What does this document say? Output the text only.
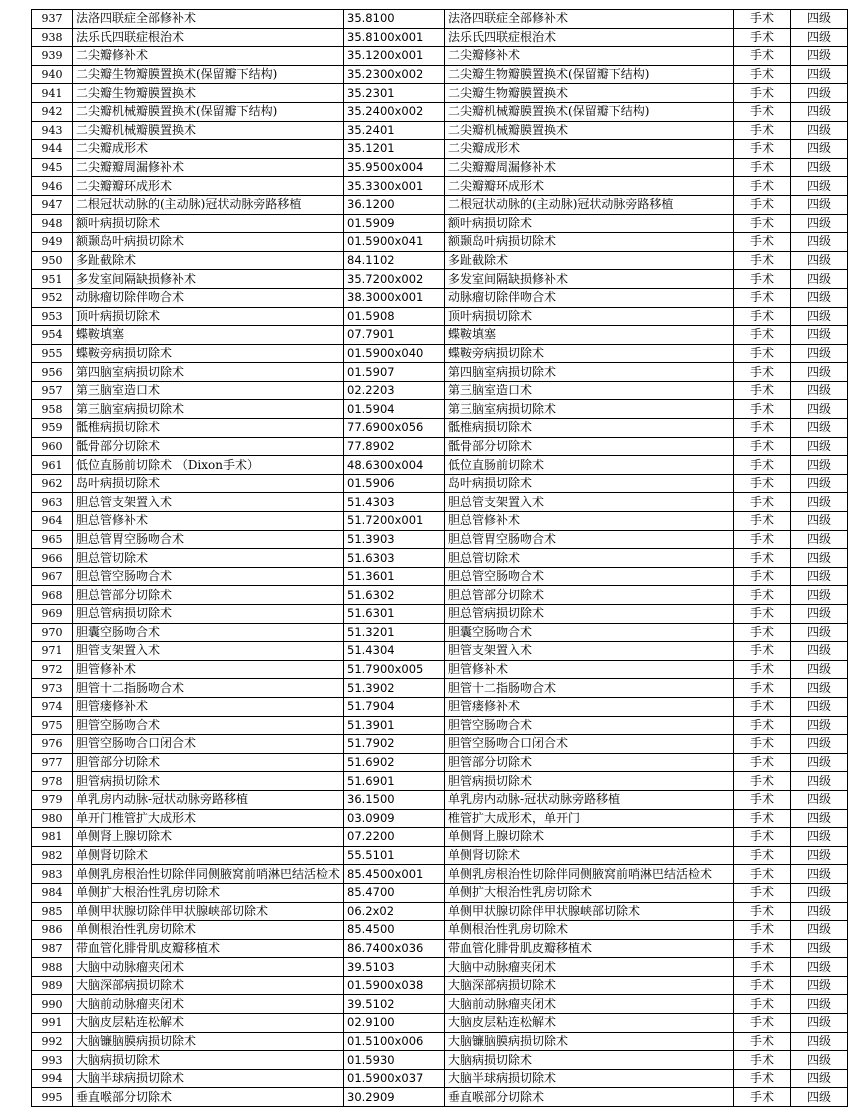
937	法洛四联症全部修补术	35.8100	法洛四联症全部修补术	手术	四级
938	法乐氏四联症根治术	35.8100x001	法乐氏四联症根治术	手术	四级
939	二尖瓣修补术	35.1200x001	二尖瓣修补术	手术	四级
940	二尖瓣生物瓣膜置换术(保留瓣下结构)	35.2300x002	二尖瓣生物瓣膜置换术(保留瓣下结构)	手术	四级
941	二尖瓣生物瓣膜置换术	35.2301	二尖瓣生物瓣膜置换术	手术	四级
942	二尖瓣机械瓣膜置换术(保留瓣下结构)	35.2400x002	二尖瓣机械瓣膜置换术(保留瓣下结构)	手术	四级
943	二尖瓣机械瓣膜置换术	35.2401	二尖瓣机械瓣膜置换术	手术	四级
944	二尖瓣成形术	35.1201	二尖瓣成形术	手术	四级
945	二尖瓣瓣周漏修补术	35.9500x004	二尖瓣瓣周漏修补术	手术	四级
946	二尖瓣瓣环成形术	35.3300x001	二尖瓣瓣环成形术	手术	四级
947	二根冠状动脉的(主动脉)冠状动脉旁路移植	36.1200	二根冠状动脉的(主动脉)冠状动脉旁路移植	手术	四级
948	额叶病损切除术	01.5909	额叶病损切除术	手术	四级
949	额颞岛叶病损切除术	01.5900x041	额颞岛叶病损切除术	手术	四级
950	多趾截除术	84.1102	多趾截除术	手术	四级
951	多发室间隔缺损修补术	35.7200x002	多发室间隔缺损修补术	手术	四级
952	动脉瘤切除伴吻合术	38.3000x001	动脉瘤切除伴吻合术	手术	四级
953	顶叶病损切除术	01.5908	顶叶病损切除术	手术	四级
954	蝶鞍填塞	07.7901	蝶鞍填塞	手术	四级
955	蝶鞍旁病损切除术	01.5900x040	蝶鞍旁病损切除术	手术	四级
956	第四脑室病损切除术	01.5907	第四脑室病损切除术	手术	四级
957	第三脑室造口术	02.2203	第三脑室造口术	手术	四级
958	第三脑室病损切除术	01.5904	第三脑室病损切除术	手术	四级
959	骶椎病损切除术	77.6900x056	骶椎病损切除术	手术	四级
960	骶骨部分切除术	77.8902	骶骨部分切除术	手术	四级
961	低位直肠前切除术 （Dixon手术）	48.6300x004	低位直肠前切除术	手术	四级
962	岛叶病损切除术	01.5906	岛叶病损切除术	手术	四级
963	胆总管支架置入术	51.4303	胆总管支架置入术	手术	四级
964	胆总管修补术	51.7200x001	胆总管修补术	手术	四级
965	胆总管胃空肠吻合术	51.3903	胆总管胃空肠吻合术	手术	四级
966	胆总管切除术	51.6303	胆总管切除术	手术	四级
967	胆总管空肠吻合术	51.3601	胆总管空肠吻合术	手术	四级
968	胆总管部分切除术	51.6302	胆总管部分切除术	手术	四级
969	胆总管病损切除术	51.6301	胆总管病损切除术	手术	四级
970	胆囊空肠吻合术	51.3201	胆囊空肠吻合术	手术	四级
971	胆管支架置入术	51.4304	胆管支架置入术	手术	四级
972	胆管修补术	51.7900x005	胆管修补术	手术	四级
973	胆管十二指肠吻合术	51.3902	胆管十二指肠吻合术	手术	四级
974	胆管瘘修补术	51.7904	胆管瘘修补术	手术	四级
975	胆管空肠吻合术	51.3901	胆管空肠吻合术	手术	四级
976	胆管空肠吻合口闭合术	51.7902	胆管空肠吻合口闭合术	手术	四级
977	胆管部分切除术	51.6902	胆管部分切除术	手术	四级
978	胆管病损切除术	51.6901	胆管病损切除术	手术	四级
979	单乳房内动脉-冠状动脉旁路移植	36.1500	单乳房内动脉-冠状动脉旁路移植	手术	四级
980	单开门椎管扩大成形术	03.0909	椎管扩大成形术，单开门	手术	四级
981	单侧肾上腺切除术	07.2200	单侧肾上腺切除术	手术	四级
982	单侧肾切除术	55.5101	单侧肾切除术	手术	四级
983	单侧乳房根治性切除伴同侧腋窝前哨淋巴结活检术	85.4500x001	单侧乳房根治性切除伴同侧腋窝前哨淋巴结活检术	手术	四级
984	单侧扩大根治性乳房切除术	85.4700	单侧扩大根治性乳房切除术	手术	四级
985	单侧甲状腺切除伴甲状腺峡部切除术	06.2x02	单侧甲状腺切除伴甲状腺峡部切除术	手术	四级
986	单侧根治性乳房切除术	85.4500	单侧根治性乳房切除术	手术	四级
987	带血管化腓骨肌皮瓣移植术	86.7400x036	带血管化腓骨肌皮瓣移植术	手术	四级
988	大脑中动脉瘤夹闭术	39.5103	大脑中动脉瘤夹闭术	手术	四级
989	大脑深部病损切除术	01.5900x038	大脑深部病损切除术	手术	四级
990	大脑前动脉瘤夹闭术	39.5102	大脑前动脉瘤夹闭术	手术	四级
991	大脑皮层粘连松解术	02.9100	大脑皮层粘连松解术	手术	四级
992	大脑镰脑膜病损切除术	01.5100x006	大脑镰脑膜病损切除术	手术	四级
993	大脑病损切除术	01.5930	大脑病损切除术	手术	四级
994	大脑半球病损切除术	01.5900x037	大脑半球病损切除术	手术	四级
995	垂直喉部分切除术	30.2909	垂直喉部分切除术	手术	四级
